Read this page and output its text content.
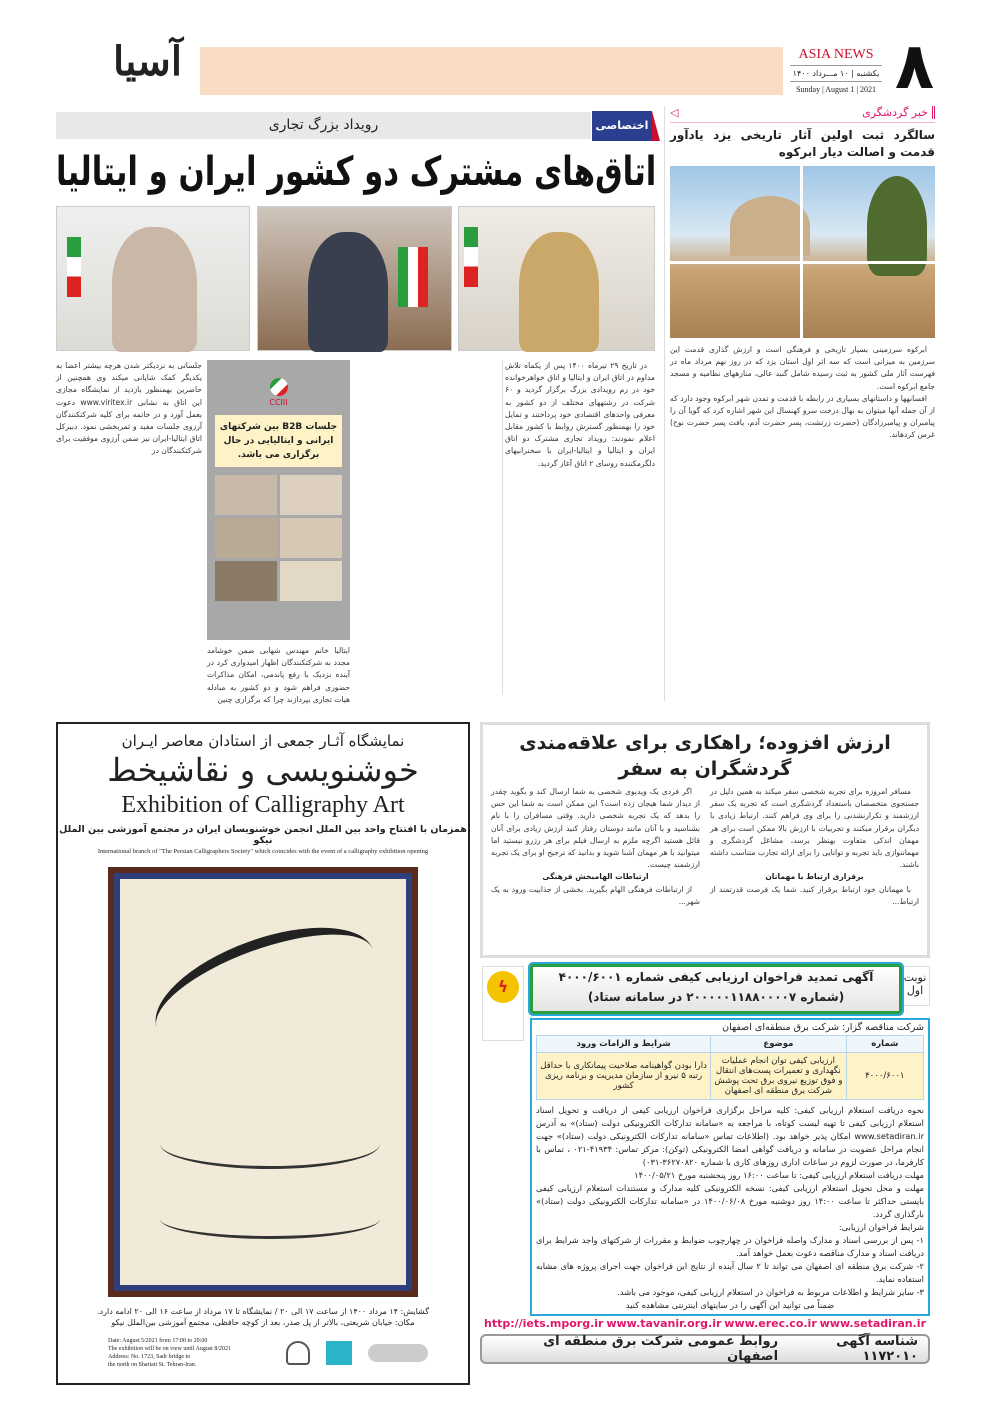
۸
آسیا	ASIA NEWS
یکشنبه | ۱۰ مـــرداد ۱۴۰۰
Sunday | August 1 | 2021
خبر گردشگری
◁
سالگرد ثبت اولین آثار تاریخی یزد یادآور قدمت و اصالت دیار ابرکوه

ابرکوه سرزمینی بسیار تاریخی و فرهنگی است و ارزش گذاری قدمت این سرزمین به میزانی است که سه اثر اول استان یزد که در روز نهم مرداد ماه در فهرست آثار ملی کشور به ثبت رسیده شامل گنبد عالی، منارههای نظامیه و مسجد جامع ابرکوه است.

افسانهها و داستانهای بسیاری در رابطه با قدمت و تمدن شهر ابرکوه وجود دارد که از آن جمله آنها میتوان به نهال درخت سرو کهنسال این شهر اشاره کرد که گویا آن را پیامبران و پیامبرزادگان (حضرت زرتشت، پسر حضرت آدم، یافث پسر حضرت نوح) غرس کردهاند.

رویداد بزرگ تجاری	اختصاصی
اتاق‌های مشترک دو کشور ایران و ایتالیا

در تاریخ ۲۹ تیرماه ۱۴۰۰ پس از یکماه تلاش مداوم در اتاق ایران و ایتالیا و اتاق خواهرخوانده خود در رم رویدادی بزرگ برگزار گردید و ۶۰ شرکت در رشتههای مختلف از دو کشور به معرفی واحدهای اقتصادی خود پرداختند و تمایل خود را بهمنظور گسترش روابط با کشور مقابل اعلام نمودند: رویداد تجاری مشترک دو اتاق ایران و ایتالیا و ایتالیا-ایران با سخنرانیهای دلگرمکننده روسای ۲ اتاق آغاز گردید.

CCIII
جلسات B2B بین شرکتهای ایرانی و ایتالیایی در حال برگزاری می باشد.

ایتالیا خانم مهندس شهابی ضمن خوشامد مجدد به شرکتکنندگان اظهار امیدواری کرد در آینده نزدیک با رفع پاندمی، امکان مذاکرات حضوری فراهم شود و دو کشور به مبادله هیات تجاری بپردازند چرا که برگزاری چنین

جلساتی به نزدیکتر شدن هرچه بیشتر اعضا به یکدیگر کمک شایانی میکند وی همچنین از حاضرین بهمنظور بازدید از نمایشگاه مجازی این اتاق به نشانی www.viritex.ir دعوت بعمل آورد و در خاتمه برای کلیه شرکتکنندگان آرزوی جلسات مفید و ثمربخشی نمود. دبیرکل اتاق ایتالیا-ایران نیز ضمن آرزوی موفقیت برای شرکتکنندگان در

نمایشگاه آثـار جمعی از استادان معاصر ایـران
خوشنویسی و نقاشیخط
Exhibition of Calligraphy Art
همزمان با افتتاح واحد بین الملل انجمن خوشنویسان ایران در مجتمع آموزشی بین الملل نیکو
International branch of "The Persian Calligraphers Society" which coincides with the event of a calligraphy exhibition opening
گشایش: ۱۴ مرداد ۱۴۰۰ از ساعت ۱۷ الی ۲۰ / نمایشگاه تا ۱۷ مرداد از ساعت ۱۶ الی ۲۰ ادامه دارد.
مکان: خیابان شریعتی، بالاتر از پل صدر، بعد از کوچه حافظی، مجتمع آموزشی بین‌الملل نیکو
Date: August 5/2021 from 17:00 to 20:00
The exhibition will be on view until August 8/2021
Address: No. 1723, Sadr bridge to
the north on Shariati St. Tehran-Iran.
ارزش افزوده؛ راهکاری برای علاقه‌مندی گردشگران به سفر

مسافر امروزه برای تجربه شخصی سفر میکند به همین دلیل در جستجوی متخصصان باستعداد گردشگری است که تجربه یک سفر ارزشمند و تکرارنشدنی را برای وی فراهم کنند. ارتباط زیادی با دیگران برقرار میکنند و تجربیات با ارزش بالا ممکن است برای هر مهمان اندکی متفاوت بهنظر برسد، مشاغل گردشگری و مهماننوازی باید تجربه و توانایی را برای ارائه تجارب متناسب داشته باشند.

برقراری ارتباط با مهمانان

با مهمانان خود ارتباط برقرار کنید. شما یک فرصت قدرتمند از ارتباط...

اگر فردی یک ویدیوی شخصی به شما ارسال کند و بگوید چقدر از دیدار شما هیجان زده است؟ این ممکن است به شما این حس را بدهد که یک تجربه شخصی دارید. وقتی مسافران را با نام بشناسید و با آنان مانند دوستان رفتار کنید ارزش زیادی برای آنان قائل هستید اگرچه ملزم به ارسال فیلم برای هر رزرو نیستید اما میتوانید با هر مهمان آشنا شوید و بدانید که ترجیح او برای یک تجربه ارزشمند چیست.

ارتباطات الهامبخش فرهنگی

از ارتباطات فرهنگی الهام بگیرید. بخشی از جذابیت ورود به یک شهر...

نوبت اول
آگهی تمدید فراخوان ارزیابی کیفی شماره ۴۰۰۰/۶۰۰۱
(شماره ۲۰۰۰۰۰۱۱۸۸۰۰۰۰۷ در سامانه ستاد)
ϟ
شرکت مناقصه گزار: شرکت برق منطقه‌ای اصفهان
شماره	موضوع	شرایط و الزامات ورود
۴۰۰۰/۶۰۰۱	ارزیابی کیفی توان انجام عملیات نگهداری و تعمیرات پست‌های انتقال و فوق توزیع نیروی برق تحت پوشش شرکت برق منطقه ای اصفهان	دارا بودن گواهینامه صلاحیت پیمانکاری با حداقل رتبه ۵ نیرو از سازمان مدیریت و برنامه ریزی کشور
نحوه دریافت استعلام ارزیابی کیفی: کلیه مراحل برگزاری فراخوان ارزیابی کیفی از دریافت و تحویل اسناد استعلام ارزیابی کیفی تا تهیه لیست کوتاه، با مراجعه به «سامانه تدارکات الکترونیکی دولت (ستاد)» به آدرس www.setadiran.ir امکان پذیر خواهد بود. (اطلاعات تماس «سامانه تدارکات الکترونیکی دولت (ستاد)» جهت انجام مراحل عضویت در سامانه و دریافت گواهی امضا الکترونیکی (توکن): مرکز تماس: ۴۱۹۳۴-۰۲۱ ، تماس با کارفرما، در صورت لزوم در ساعات اداری روزهای کاری با شماره ۳۶۲۷۰۸۲۰-۰۳۱)
مهلت دریافت استعلام ارزیابی کیفی: تا ساعت ۱۶:۰۰ روز پنجشنبه مورخ ۱۴۰۰/۰۵/۲۱
مهلت و محل تحویل استعلام ارزیابی کیفی: نسخه الکترونیکی کلیه مدارک و مستندات استعلام ارزیابی کیفی بایستی حداکثر تا ساعت ۱۴:۰۰ روز دوشنبه مورخ ۱۴۰۰/۰۶/۰۸ در «سامانه تدارکات الکترونیکی دولت (ستاد)» بارگذاری گردد.
شرایط فراخوان ارزیابی:
۱- پس از بررسی اسناد و مدارک واصله فراخوان در چهارچوب ضوابط و مقررات از شرکتهای واجد شرایط برای دریافت اسناد و مدارک مناقصه دعوت بعمل خواهد آمد.
۲- شرکت برق منطقه ای اصفهان می تواند تا ۲ سال آینده از نتایج این فراخوان جهت اجرای پروژه های مشابه استفاده نماید.
۳- سایر شرایط و اطلاعات مربوط به فراخوان در استعلام ارزیابی کیفی، موجود می باشد.
ضمناً می توانید این آگهی را در سایتهای اینترنتی مشاهده کنید
www.setadiran.ir
www.erec.co.ir
www.tavanir.org.ir
http://iets.mporg.ir
شناسه آگهی ۱۱۷۲۰۱۰
روابط عمومی شرکت برق منطقه ای اصفهان
